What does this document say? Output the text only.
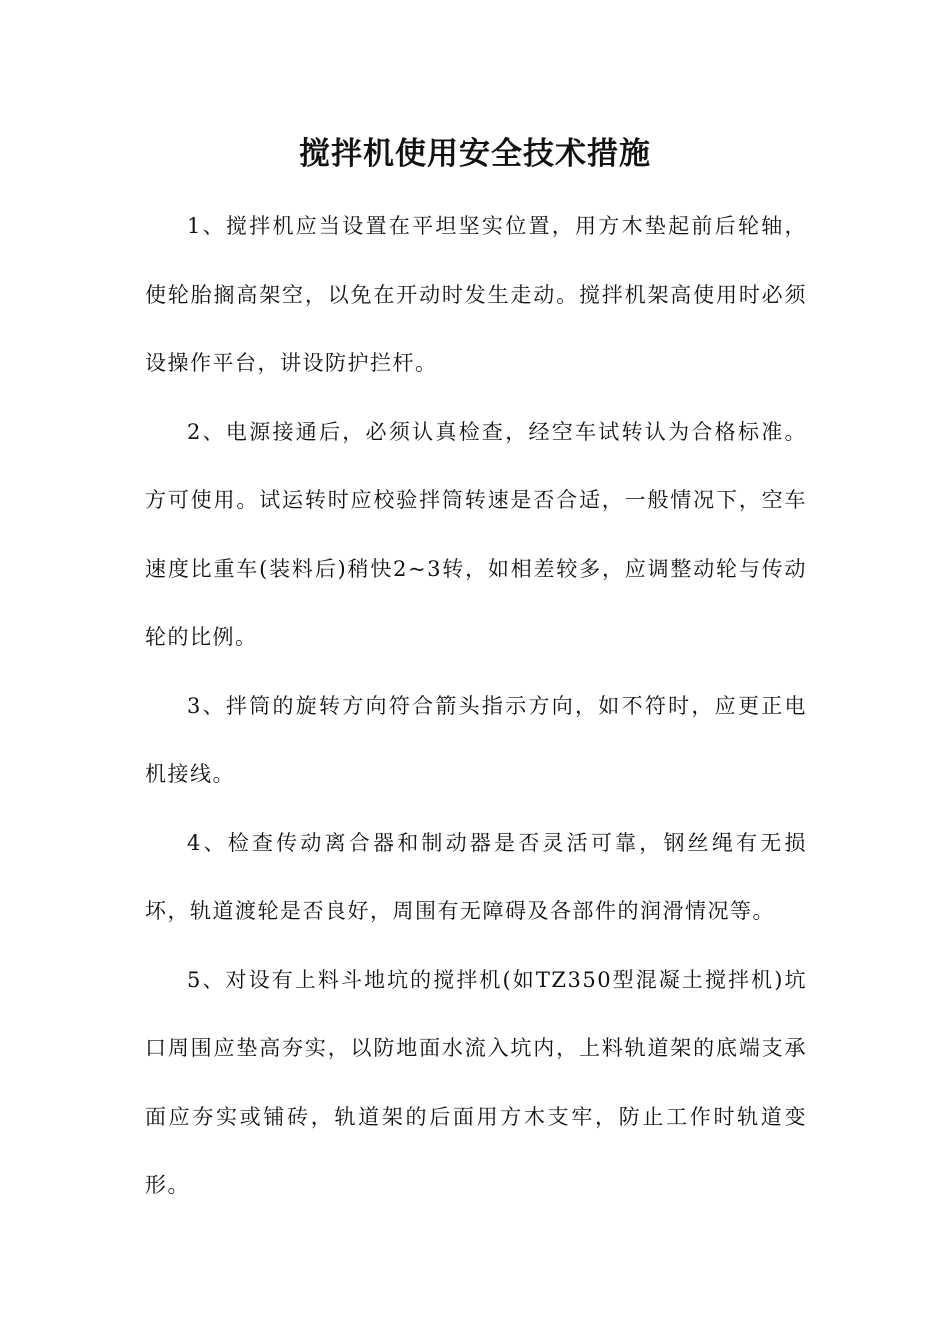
搅拌机使用安全技术措施

1、搅拌机应当设置在平坦坚实位置，用方木垫起前后轮轴，使轮胎搁高架空，以免在开动时发生走动。搅拌机架高使用时必须设操作平台，讲设防护拦杆。

2、电源接通后，必须认真检查，经空车试转认为合格标准。方可使用。试运转时应校验拌筒转速是否合适，一般情况下，空车速度比重车(装料后)稍快2~3转，如相差较多，应调整动轮与传动轮的比例。

3、拌筒的旋转方向符合箭头指示方向，如不符时，应更正电机接线。

4、检查传动离合器和制动器是否灵活可靠，钢丝绳有无损坏，轨道渡轮是否良好，周围有无障碍及各部件的润滑情况等。

5、对设有上料斗地坑的搅拌机(如TZ350型混凝土搅拌机)坑口周围应垫高夯实，以防地面水流入坑内，上料轨道架的底端支承面应夯实或铺砖，轨道架的后面用方木支牢，防止工作时轨道变形。
